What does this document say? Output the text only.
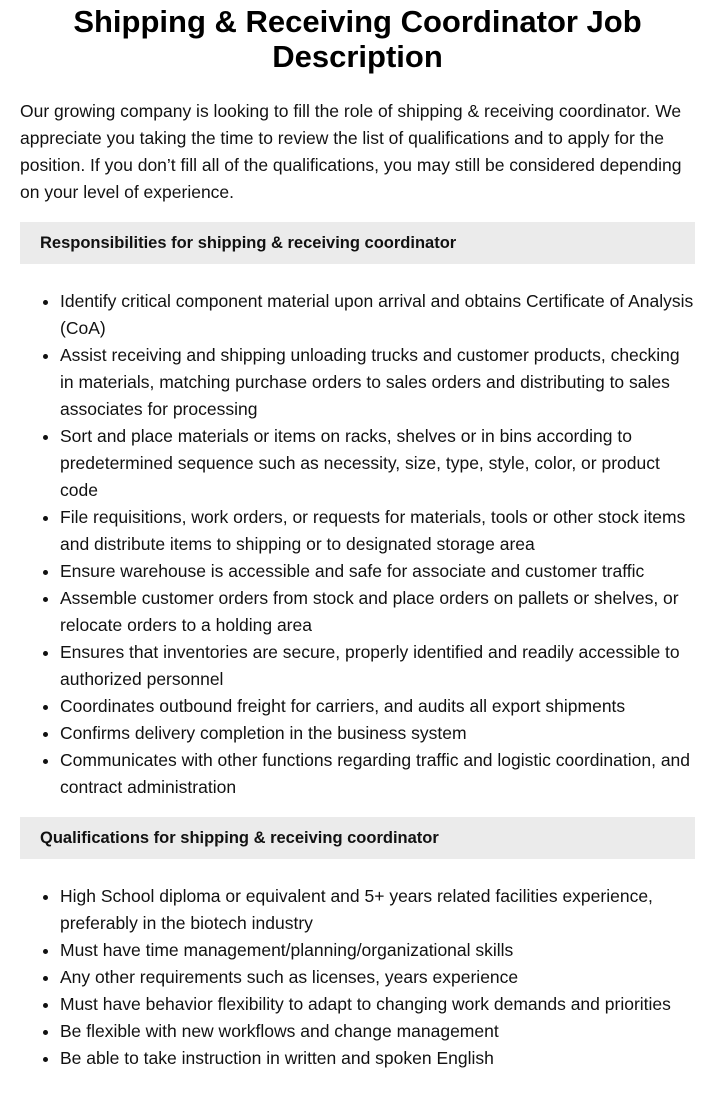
Shipping & Receiving Coordinator Job Description

Our growing company is looking to fill the role of shipping & receiving coordinator. We appreciate you taking the time to review the list of qualifications and to apply for the position. If you don’t fill all of the qualifications, you may still be considered depending on your level of experience.

Responsibilities for shipping & receiving coordinator
• Identify critical component material upon arrival and obtains Certificate of Analysis (CoA)
• Assist receiving and shipping unloading trucks and customer products, checking in materials, matching purchase orders to sales orders and distributing to sales associates for processing
• Sort and place materials or items on racks, shelves or in bins according to predetermined sequence such as necessity, size, type, style, color, or product code
• File requisitions, work orders, or requests for materials, tools or other stock items and distribute items to shipping or to designated storage area
• Ensure warehouse is accessible and safe for associate and customer traffic
• Assemble customer orders from stock and place orders on pallets or shelves, or relocate orders to a holding area
• Ensures that inventories are secure, properly identified and readily accessible to authorized personnel
• Coordinates outbound freight for carriers, and audits all export shipments
• Confirms delivery completion in the business system
• Communicates with other functions regarding traffic and logistic coordination, and contract administration
Qualifications for shipping & receiving coordinator
• High School diploma or equivalent and 5+ years related facilities experience, preferably in the biotech industry
• Must have time management/planning/organizational skills
• Any other requirements such as licenses, years experience
• Must have behavior flexibility to adapt to changing work demands and priorities
• Be flexible with new workflows and change management
• Be able to take instruction in written and spoken English
